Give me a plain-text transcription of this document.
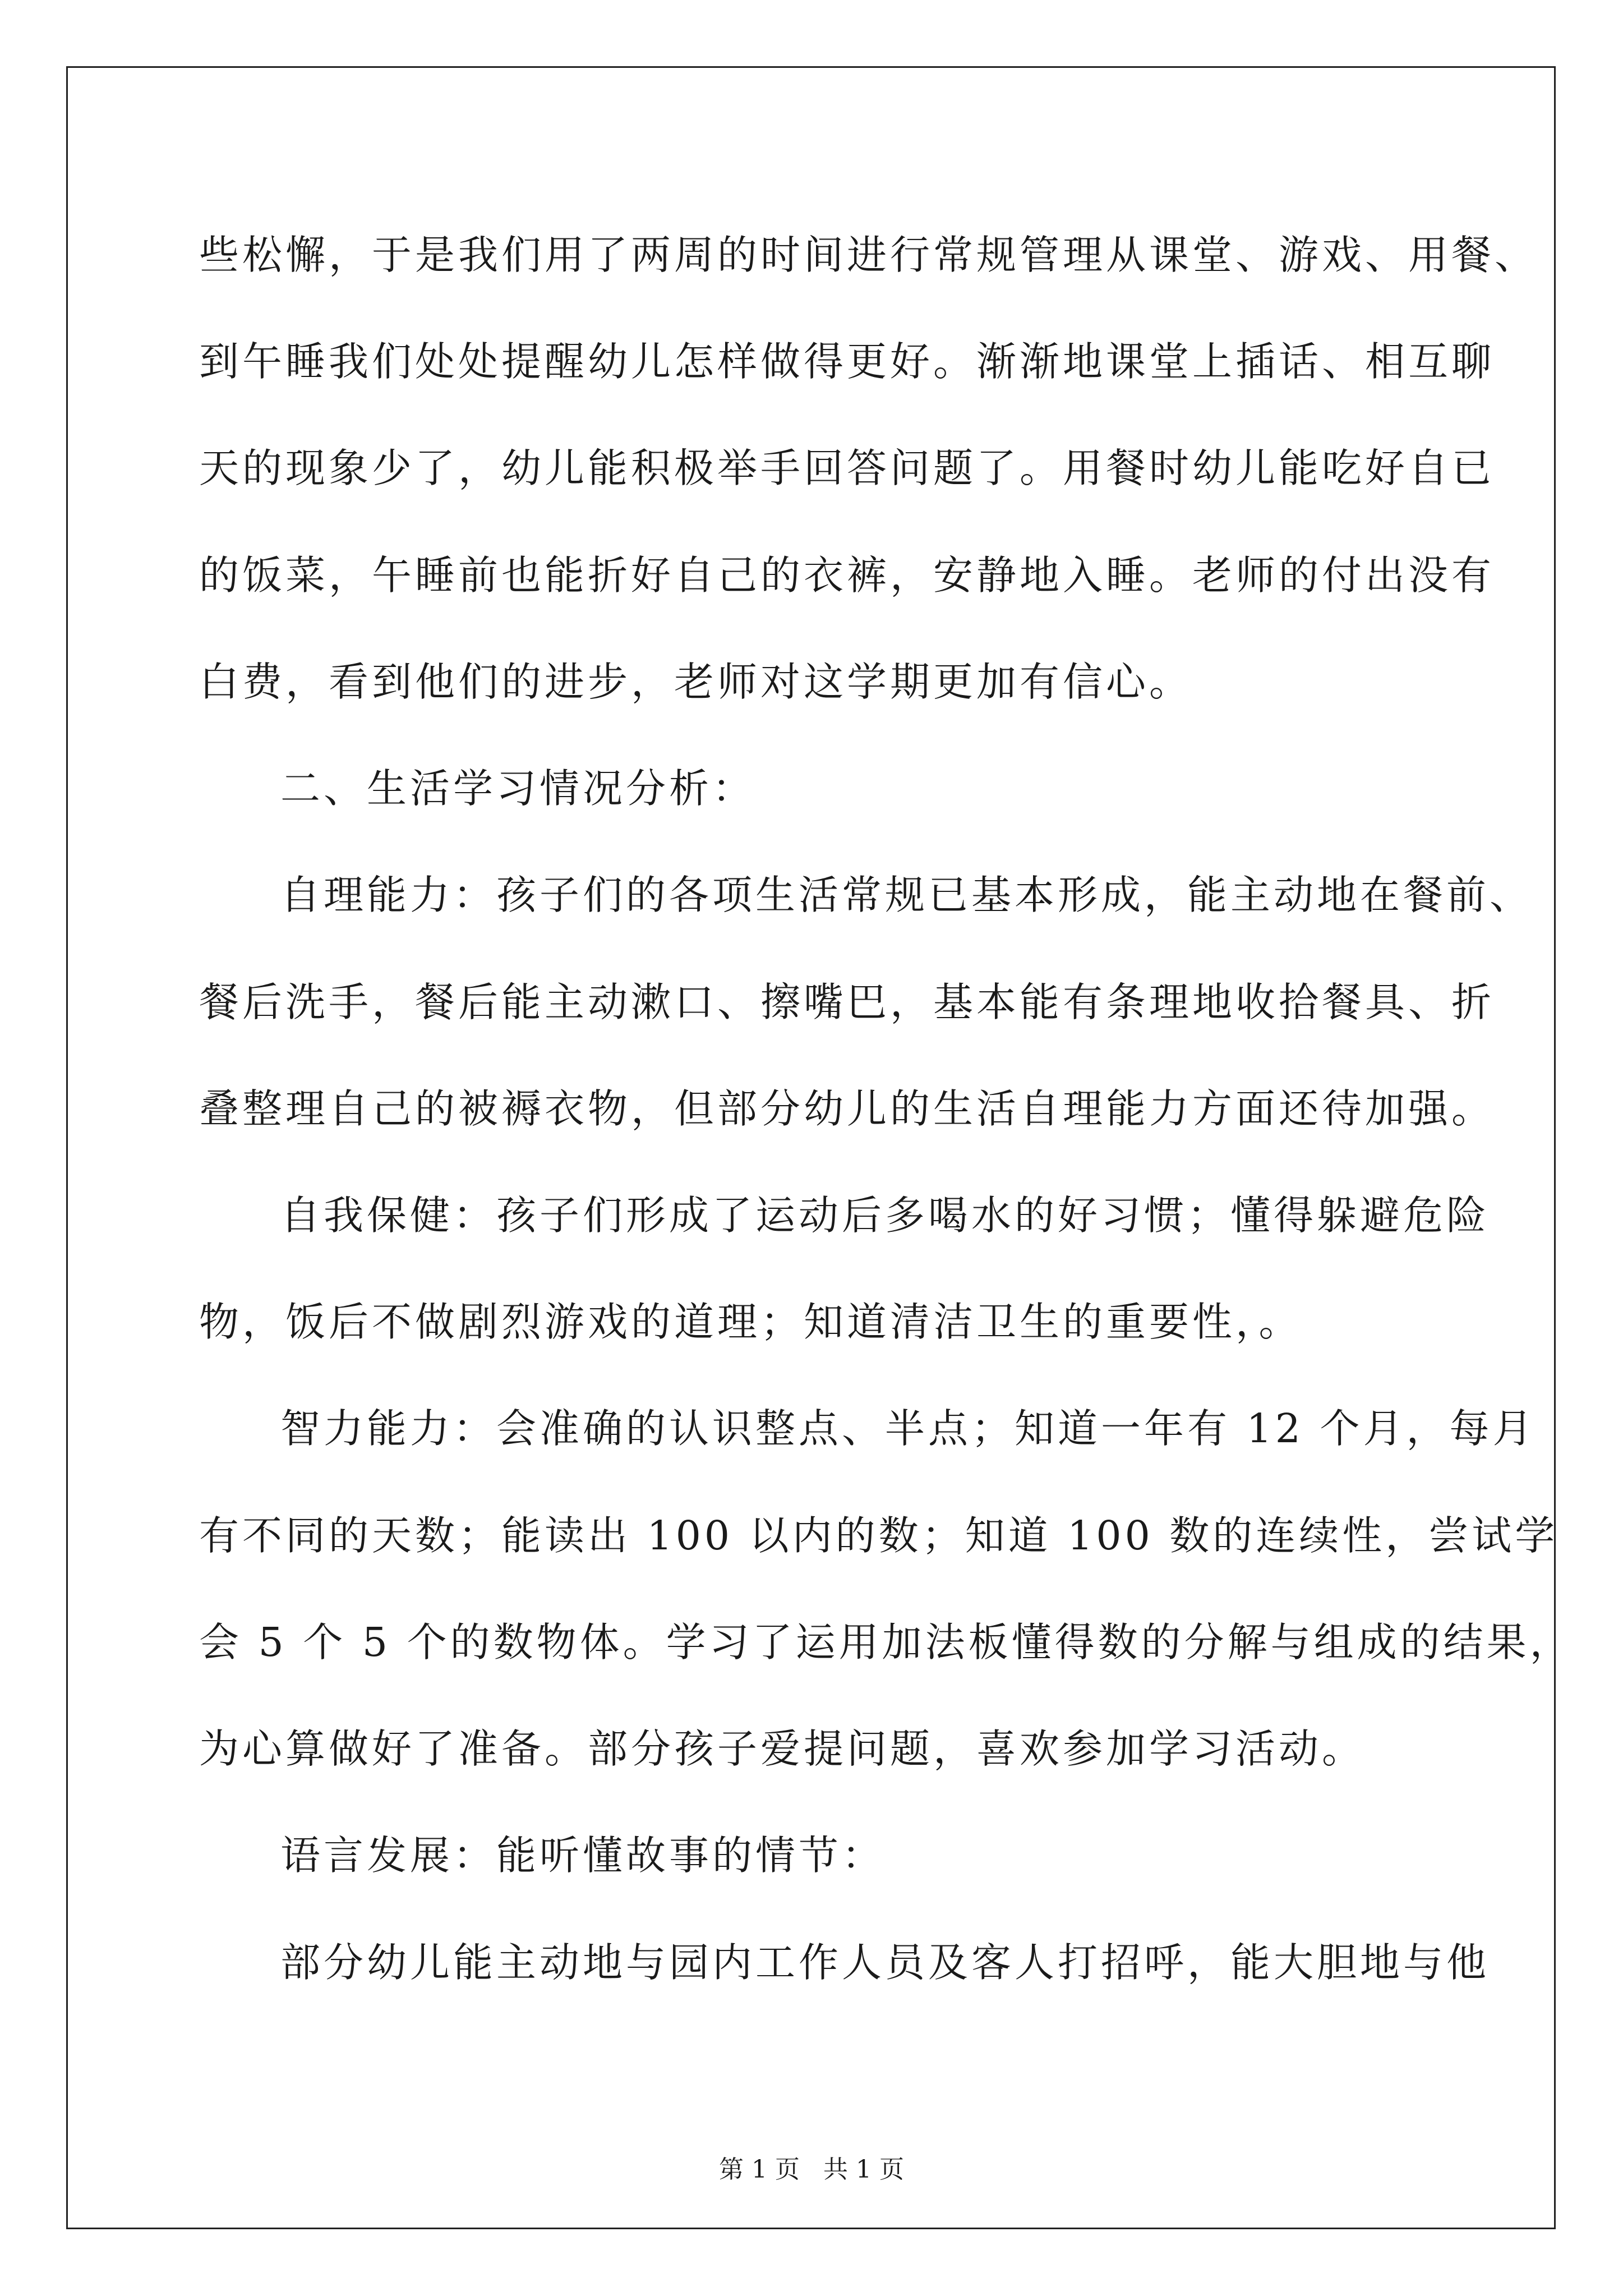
些松懈，于是我们用了两周的时间进行常规管理从课堂、游戏、用餐、
到午睡我们处处提醒幼儿怎样做得更好。渐渐地课堂上插话、相互聊
天的现象少了，幼儿能积极举手回答问题了。用餐时幼儿能吃好自已
的饭菜，午睡前也能折好自己的衣裤，安静地入睡。老师的付出没有
白费，看到他们的进步，老师对这学期更加有信心。
二、生活学习情况分析：
自理能力：孩子们的各项生活常规已基本形成，能主动地在餐前、
餐后洗手，餐后能主动漱口、擦嘴巴，基本能有条理地收拾餐具、折
叠整理自己的被褥衣物，但部分幼儿的生活自理能力方面还待加强。
自我保健：孩子们形成了运动后多喝水的好习惯；懂得躲避危险
物，饭后不做剧烈游戏的道理；知道清洁卫生的重要性，。
智力能力：会准确的认识整点、半点；知道一年有 12 个月，每月
有不同的天数；能读出 100 以内的数；知道 100 数的连续性，尝试学
会 5 个 5 个的数物体。学习了运用加法板懂得数的分解与组成的结果，
为心算做好了准备。部分孩子爱提问题，喜欢参加学习活动。
语言发展：能听懂故事的情节：
部分幼儿能主动地与园内工作人员及客人打招呼，能大胆地与他
第 1 页   共 1 页
